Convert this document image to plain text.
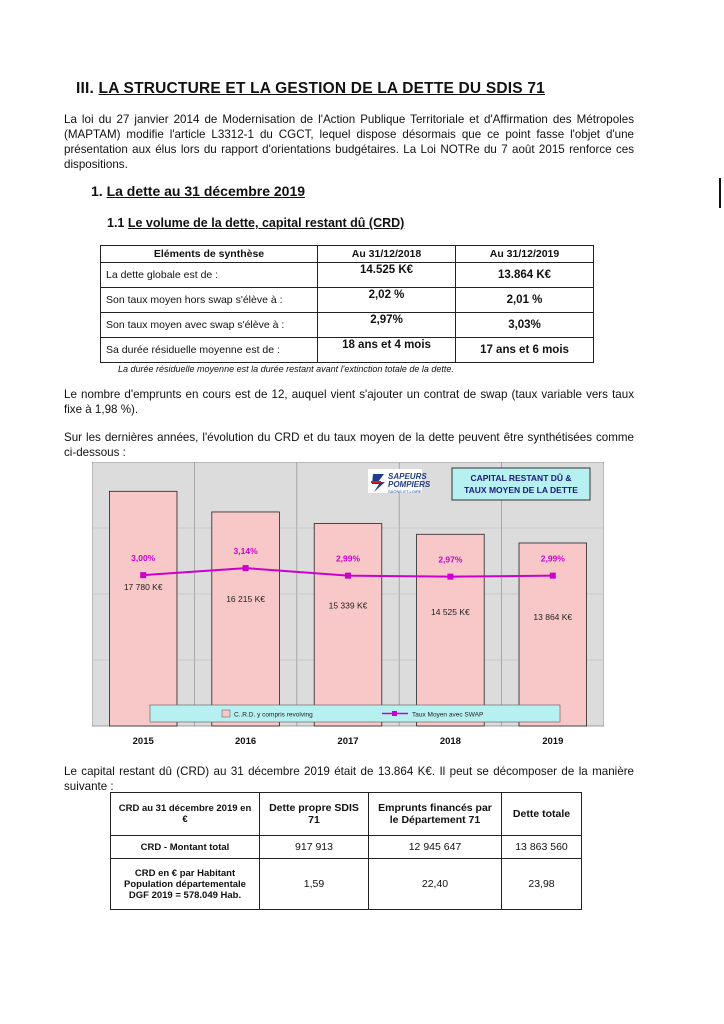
III. LA STRUCTURE ET LA GESTION DE LA DETTE DU SDIS 71
La loi du 27 janvier 2014 de Modernisation de l'Action Publique Territoriale et d'Affirmation des Métropoles (MAPTAM) modifie l'article L3312-1 du CGCT, lequel dispose désormais que ce point fasse l'objet d'une présentation aux élus lors du rapport d'orientations budgétaires. La Loi NOTRe du 7 août 2015 renforce ces dispositions.
1. La dette au 31 décembre 2019
1.1 Le volume de la dette, capital restant dû (CRD)
Eléments de synthèse	Au 31/12/2018	Au 31/12/2019
La dette globale est de :	14.525 K€	13.864 K€
Son taux moyen hors swap s'élève à :	2,02 %	2,01 %
Son taux moyen avec swap s'élève à :	2,97%	3,03%
Sa durée résiduelle moyenne est de :	18 ans et 4 mois	17 ans et 6 mois
La durée résiduelle moyenne est la durée restant avant l'extinction totale de la dette.
Le nombre d'emprunts en cours est de 12, auquel vient s'ajouter un contrat de swap (taux variable vers taux fixe à 1,98 %).
Sur les dernières années, l'évolution du CRD et du taux moyen de la dette peuvent être synthétisées comme ci-dessous :
17 780 K€
16 215 K€
15 339 K€
14 525 K€
13 864 K€
3,00%
3,14%
2,99%	2,97%	2,99%
2015	2016	2017	2018	2019
SAPEURS
POMPIERS
SAÔNE-ET-LOIRE
CAPITAL RESTANT DÛ &
TAUX MOYEN DE LA DETTE
C..R.D. y compris revolving	Taux Moyen avec SWAP
Le capital restant dû (CRD) au 31 décembre 2019 était de 13.864 K€. Il peut se décomposer de la manière suivante :
CRD au 31 décembre 2019 en €	Dette propre SDIS 71	Emprunts financés par le Département 71	Dette totale
CRD - Montant total	917 913	12 945 647	13 863 560
CRD en € par Habitant Population départementale DGF 2019 = 578.049 Hab.	1,59	22,40	23,98
